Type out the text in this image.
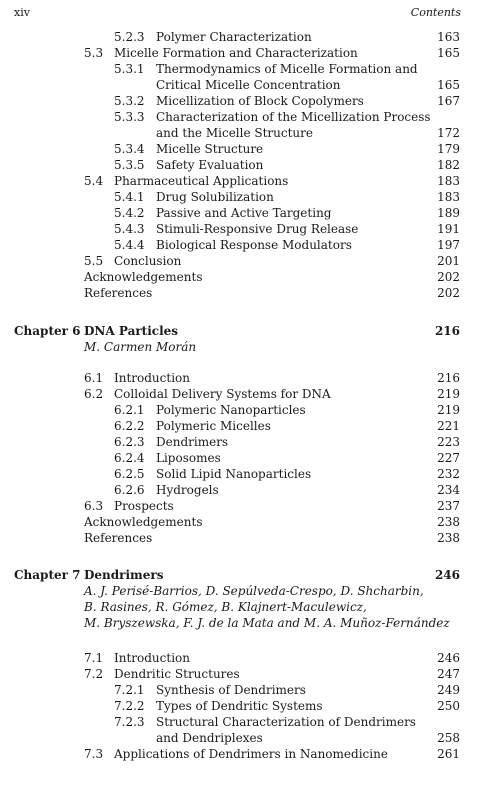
xiv	Contents
5.2.3 Polymer Characterization	163
5.3 Micelle Formation and Characterization	165
5.3.1 Thermodynamics of Micelle Formation and
Critical Micelle Concentration	165
5.3.2 Micellization of Block Copolymers	167
5.3.3 Characterization of the Micellization Process
and the Micelle Structure	172
5.3.4 Micelle Structure	179
5.3.5 Safety Evaluation	182
5.4 Pharmaceutical Applications	183
5.4.1 Drug Solubilization	183
5.4.2 Passive and Active Targeting	189
5.4.3 Stimuli-Responsive Drug Release	191
5.4.4 Biological Response Modulators	197
5.5 Conclusion	201
Acknowledgements	202
References	202
Chapter 6 DNA Particles	216
M. Carmen Morán
6.1 Introduction	216
6.2 Colloidal Delivery Systems for DNA	219
6.2.1 Polymeric Nanoparticles	219
6.2.2 Polymeric Micelles	221
6.2.3 Dendrimers	223
6.2.4 Liposomes	227
6.2.5 Solid Lipid Nanoparticles	232
6.2.6 Hydrogels	234
6.3 Prospects	237
Acknowledgements	238
References	238
Chapter 7 Dendrimers	246
A. J. Perisé-Barrios, D. Sepúlveda-Crespo, D. Shcharbin,
B. Rasines, R. Gómez, B. Klajnert-Maculewicz,
M. Bryszewska, F. J. de la Mata and M. A. Muñoz-Fernández
7.1 Introduction	246
7.2 Dendritic Structures	247
7.2.1 Synthesis of Dendrimers	249
7.2.2 Types of Dendritic Systems	250
7.2.3 Structural Characterization of Dendrimers
and Dendriplexes	258
7.3 Applications of Dendrimers in Nanomedicine	261
